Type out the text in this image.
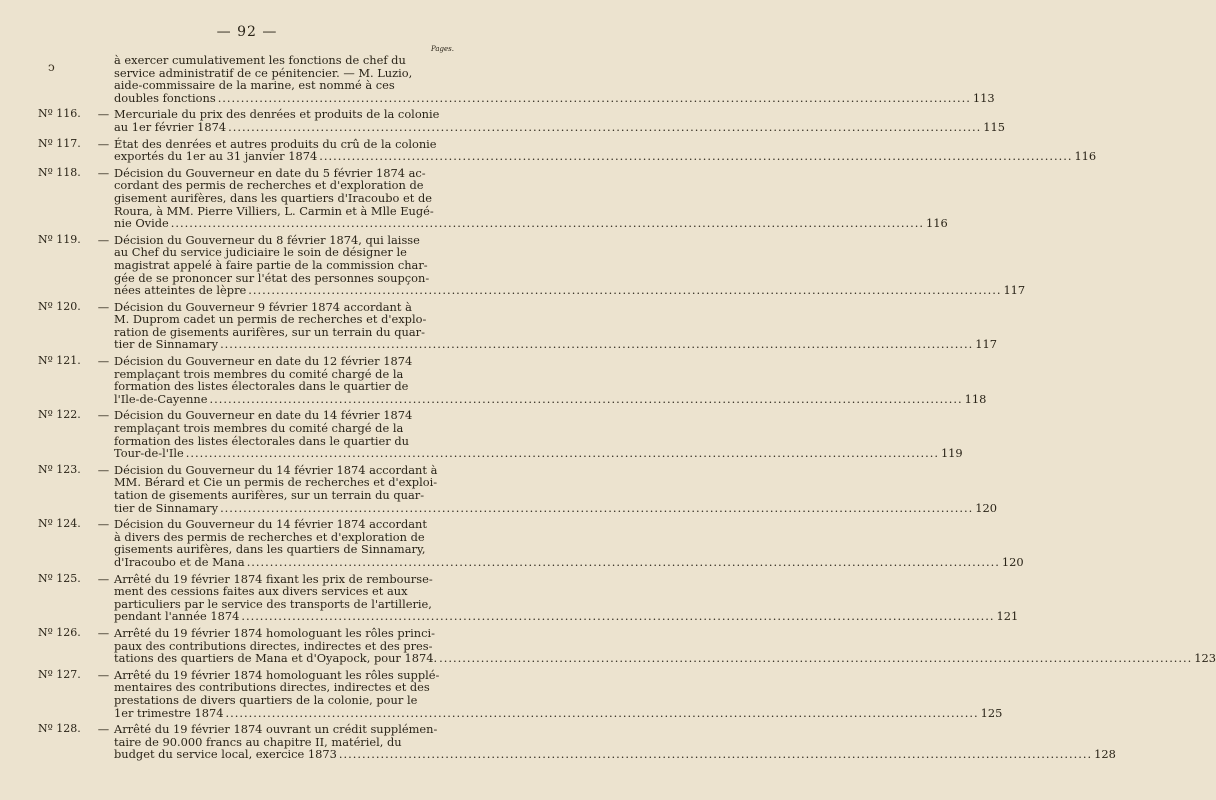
— 92 —
Pages.
ↄ	à exercer cumulativement les fonctions de chef du
service administratif de ce pénitencier. — M. Luzio,
aide-commissaire de la marine, est nommé à ces
doubles fonctions .....	113
Nº 116.	— Mercuriale du prix des denrées et produits de la colonie
au 1er février 1874 .....	115
Nº 117.	— État des denrées et autres produits du crû de la colonie
exportés du 1er au 31 janvier 1874 .....	116
Nº 118.	— Décision du Gouverneur en date du 5 février 1874 ac-
cordant des permis de recherches et d'exploration de
gisement aurifères, dans les quartiers d'Iracoubo et de
Roura, à MM. Pierre Villiers, L. Carmin et à Mlle Eugé-
nie Ovide .....	116
Nº 119.	— Décision du Gouverneur du 8 février 1874, qui laisse
au Chef du service judiciaire le soin de désigner le
magistrat appelé à faire partie de la commission char-
gée de se prononcer sur l'état des personnes soupçon-
nées atteintes de lèpre .....	117
Nº 120.	— Décision du Gouverneur 9 février 1874 accordant à
M. Duprom cadet un permis de recherches et d'explo-
ration de gisements aurifères, sur un terrain du quar-
tier de Sinnamary .....	117
Nº 121.	— Décision du Gouverneur en date du 12 février 1874
remplaçant trois membres du comité chargé de la
formation des listes électorales dans le quartier de
l'Ile-de-Cayenne .....	118
Nº 122.	— Décision du Gouverneur en date du 14 février 1874
remplaçant trois membres du comité chargé de la
formation des listes électorales dans le quartier du
Tour-de-l'Ile .....	119
Nº 123.	— Décision du Gouverneur du 14 février 1874 accordant à
MM. Bérard et Cie un permis de recherches et d'exploi-
tation de gisements aurifères, sur un terrain du quar-
tier de Sinnamary .....	120
Nº 124.	— Décision du Gouverneur du 14 février 1874 accordant
à divers des permis de recherches et d'exploration de
gisements aurifères, dans les quartiers de Sinnamary,
d'Iracoubo et de Mana .....	120
Nº 125.	— Arrêté du 19 février 1874 fixant les prix de rembourse-
ment des cessions faites aux divers services et aux
particuliers par le service des transports de l'artillerie,
pendant l'année 1874 .....	121
Nº 126.	— Arrêté du 19 février 1874 homologuant les rôles princi-
paux des contributions directes, indirectes et des pres-
tations des quartiers de Mana et d'Oyapock, pour 1874. .....	123
Nº 127.	— Arrêté du 19 février 1874 homologuant les rôles supplé-
mentaires des contributions directes, indirectes et des
prestations de divers quartiers de la colonie, pour le
1er trimestre 1874 .....	125
Nº 128.	— Arrêté du 19 février 1874 ouvrant un crédit supplémen-
taire de 90.000 francs au chapitre II, matériel, du
budget du service local, exercice 1873 .....	128
